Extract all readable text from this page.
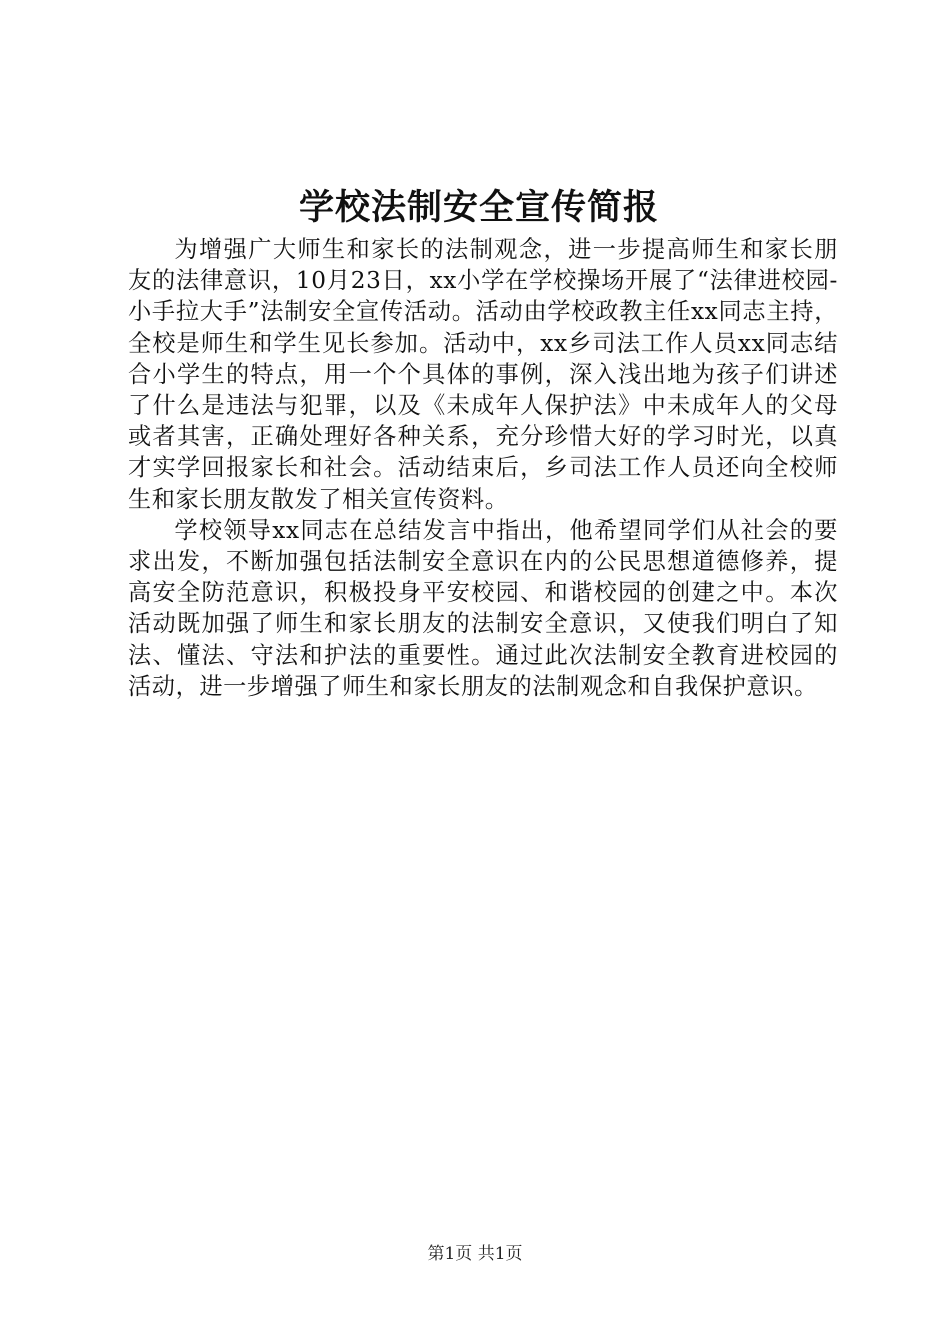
学校法制安全宣传简报

为增强广大师生和家长的法制观念，进一步提高师生和家长朋友的法律意识，10月23日，xx小学在学校操场开展了“法律进校园-小手拉大手”法制安全宣传活动。活动由学校政教主任xx同志主持，全校是师生和学生见长参加。活动中，xx乡司法工作人员xx同志结合小学生的特点，用一个个具体的事例，深入浅出地为孩子们讲述了什么是违法与犯罪，以及《未成年人保护法》中未成年人的父母或者其害，正确处理好各种关系，充分珍惜大好的学习时光，以真才实学回报家长和社会。活动结束后，乡司法工作人员还向全校师生和家长朋友散发了相关宣传资料。

学校领导xx同志在总结发言中指出，他希望同学们从社会的要求出发，不断加强包括法制安全意识在内的公民思想道德修养，提高安全防范意识，积极投身平安校园、和谐校园的创建之中。本次活动既加强了师生和家长朋友的法制安全意识，又使我们明白了知法、懂法、守法和护法的重要性。通过此次法制安全教育进校园的活动，进一步增强了师生和家长朋友的法制观念和自我保护意识。

第1页 共1页
